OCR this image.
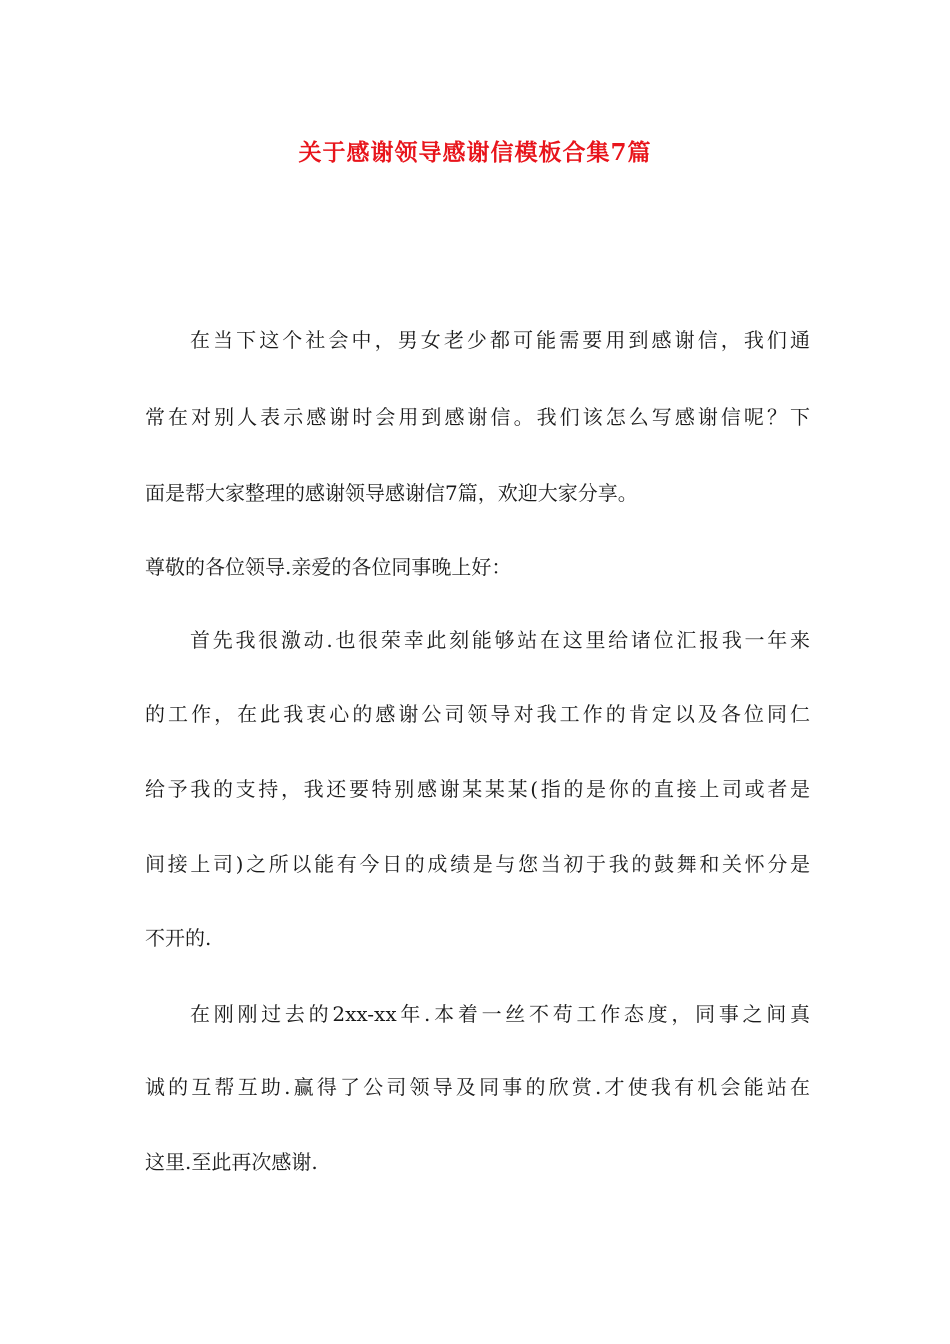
关于感谢领导感谢信模板合集7篇
在当下这个社会中，男女老少都可能需要用到感谢信，我们通
常在对别人表示感谢时会用到感谢信。我们该怎么写感谢信呢？下
面是帮大家整理的感谢领导感谢信7篇，欢迎大家分享。
尊敬的各位领导.亲爱的各位同事晚上好：
首先我很激动.也很荣幸此刻能够站在这里给诸位汇报我一年来
的工作，在此我衷心的感谢公司领导对我工作的肯定以及各位同仁
给予我的支持，我还要特别感谢某某某(指的是你的直接上司或者是
间接上司)之所以能有今日的成绩是与您当初于我的鼓舞和关怀分是
不开的.
在刚刚过去的2xx-xx年.本着一丝不苟工作态度，同事之间真
诚的互帮互助.赢得了公司领导及同事的欣赏.才使我有机会能站在
这里.至此再次感谢.
